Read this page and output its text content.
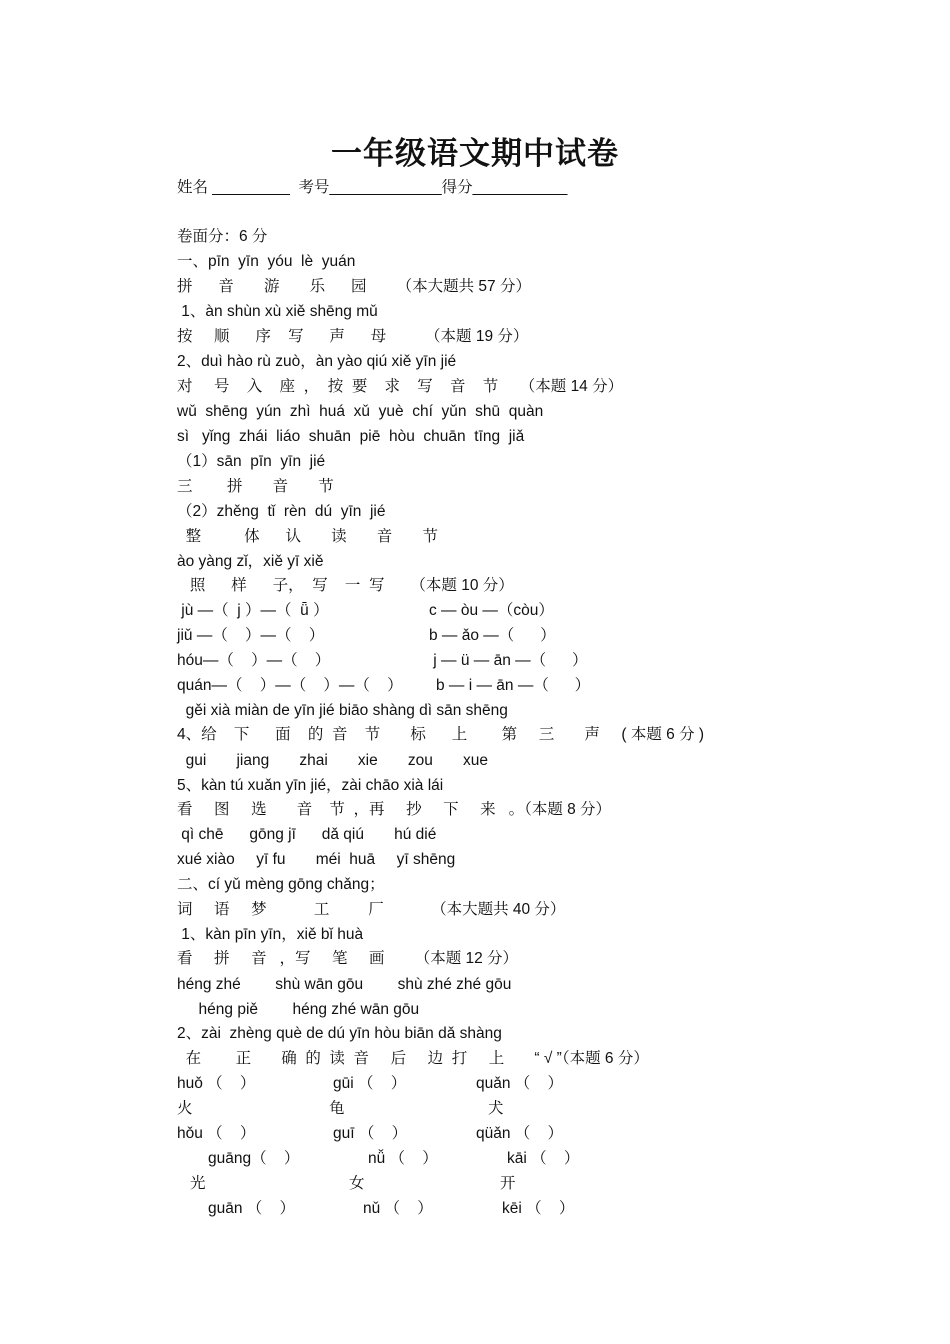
一年级语文期中试卷
姓名 _________  考号_____________得分___________
卷面分：6 分
一、pīn  yīn  yóu  lè  yuán
拼      音       游       乐      园       （本大题共 57 分）
1、àn shùn xù xiě shēng mǔ
按     顺      序    写      声      母         （本题 19 分）
2、duì hào rù zuò，àn yào qiú xiě yīn jié
对     号    入    座  ，  按  要    求    写    音    节     （本题 14 分）
wǔ  shēng  yún  zhì  huá  xǔ  yuè  chí  yǔn  shū  quàn
sì   yǐng  zhái  liáo  shuān  piē  hòu  chuān  tīng  jiǎ
（1）sān  pīn  yīn  jié
三        拼       音       节
（2）zhěng  tǐ  rèn  dú  yīn  jié
整          体      认       读       音       节
ào yàng zǐ，xiě yī xiě
照      样      子，  写    一  写      （本题 10 分）
jù —（  j ）—（  ǖ ）	c — òu —（còu）
jiǔ —（    ）—（    ）	b — ǎo —（      ）
hóu—（    ）—（    ）	j — ü — ān —（      ）
quán—（    ）—（    ）—（    ） b — i — ān —（      ）
gěi xià miàn de yīn jié biāo shàng dì sān shēng
4、给    下      面    的  音    节       标      上        第     三       声     ( 本题 6 分 )
gui       jiang       zhai       xie       zou       xue
5、kàn tú xuǎn yīn jié，zài chāo xià lái
看     图     选       音    节  ，再     抄     下     来   。（本题 8 分）
qì chē      gōng jī      dǎ qiú       hú dié
xué xiào     yī fu       méi  huā     yī shēng
二、cí yǔ mèng gōng chǎng；
词     语     梦           工         厂           （本大题共 40 分）
1、kàn pīn yīn，xiě bǐ huà
看     拼     音   ，写     笔     画       （本题 12 分）
héng zhé        shù wān gōu        shù zhé zhé gōu
héng piě        héng zhé wān gōu
2、zài  zhèng què de dú yīn hòu biān dǎ shàng
在        正       确  的  读  音     后     边  打     上       “ √ ”（本题 6 分）
huǒ （    ）	gūi （    ）	quǎn （    ）
火	龟	犬
hǒu （    ）	guī （    ）	qüǎn （    ）
guāng（    ）	nǚ （    ）	kāi （    ）
光	女	开
guān （    ）	nǔ （    ）	kēi （    ）
